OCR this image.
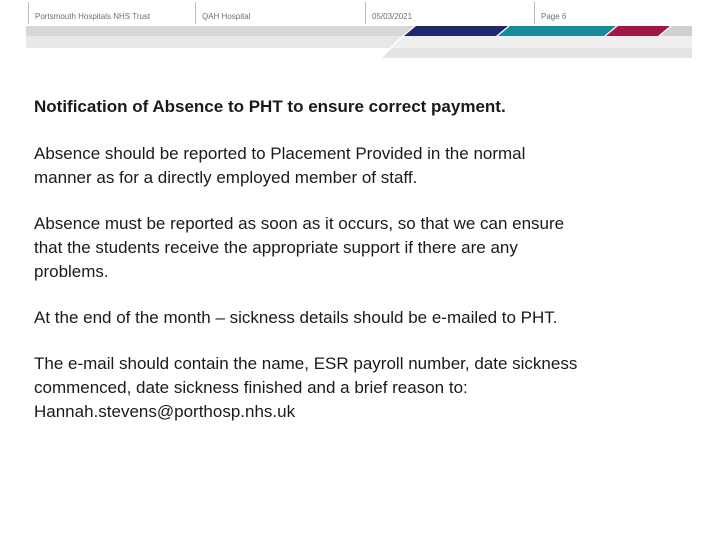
Portsmouth Hospitals NHS Trust	QAH Hospital	05/03/2021	Page 6
Notification of Absence to PHT to ensure correct payment.
Absence should be reported to Placement Provided in the normal
manner as for a directly employed member of staff.
Absence must be reported as soon as it occurs, so that we can ensure
that the students receive the appropriate support if there are any
problems.
At the end of the month – sickness details should be e-mailed to PHT.
The e-mail should contain the name, ESR payroll number, date sickness
commenced, date sickness finished and a brief reason to:
Hannah.stevens@porthosp.nhs.uk
